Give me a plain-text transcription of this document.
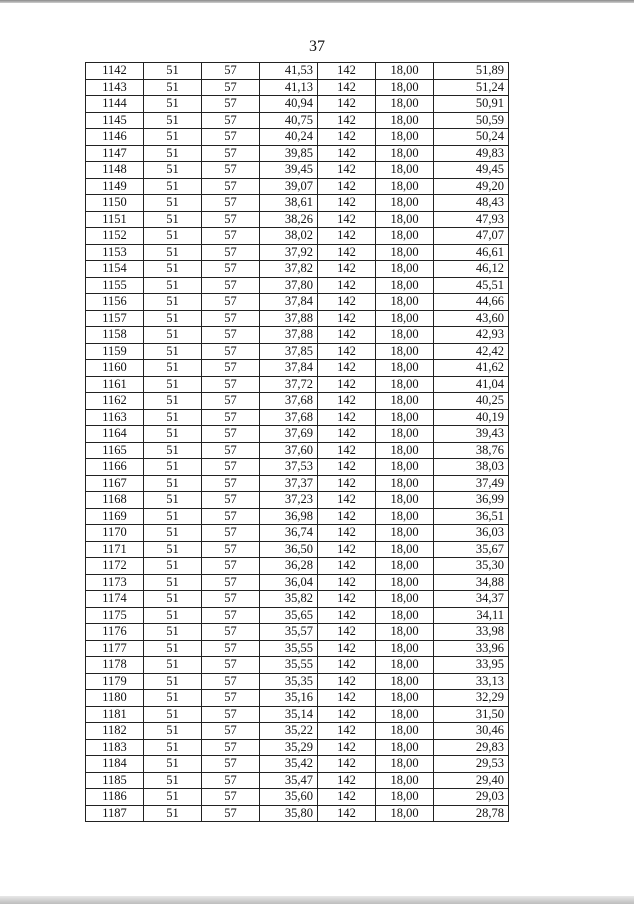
37
1142	51	57	41,53	142	18,00	51,89
1143	51	57	41,13	142	18,00	51,24
1144	51	57	40,94	142	18,00	50,91
1145	51	57	40,75	142	18,00	50,59
1146	51	57	40,24	142	18,00	50,24
1147	51	57	39,85	142	18,00	49,83
1148	51	57	39,45	142	18,00	49,45
1149	51	57	39,07	142	18,00	49,20
1150	51	57	38,61	142	18,00	48,43
1151	51	57	38,26	142	18,00	47,93
1152	51	57	38,02	142	18,00	47,07
1153	51	57	37,92	142	18,00	46,61
1154	51	57	37,82	142	18,00	46,12
1155	51	57	37,80	142	18,00	45,51
1156	51	57	37,84	142	18,00	44,66
1157	51	57	37,88	142	18,00	43,60
1158	51	57	37,88	142	18,00	42,93
1159	51	57	37,85	142	18,00	42,42
1160	51	57	37,84	142	18,00	41,62
1161	51	57	37,72	142	18,00	41,04
1162	51	57	37,68	142	18,00	40,25
1163	51	57	37,68	142	18,00	40,19
1164	51	57	37,69	142	18,00	39,43
1165	51	57	37,60	142	18,00	38,76
1166	51	57	37,53	142	18,00	38,03
1167	51	57	37,37	142	18,00	37,49
1168	51	57	37,23	142	18,00	36,99
1169	51	57	36,98	142	18,00	36,51
1170	51	57	36,74	142	18,00	36,03
1171	51	57	36,50	142	18,00	35,67
1172	51	57	36,28	142	18,00	35,30
1173	51	57	36,04	142	18,00	34,88
1174	51	57	35,82	142	18,00	34,37
1175	51	57	35,65	142	18,00	34,11
1176	51	57	35,57	142	18,00	33,98
1177	51	57	35,55	142	18,00	33,96
1178	51	57	35,55	142	18,00	33,95
1179	51	57	35,35	142	18,00	33,13
1180	51	57	35,16	142	18,00	32,29
1181	51	57	35,14	142	18,00	31,50
1182	51	57	35,22	142	18,00	30,46
1183	51	57	35,29	142	18,00	29,83
1184	51	57	35,42	142	18,00	29,53
1185	51	57	35,47	142	18,00	29,40
1186	51	57	35,60	142	18,00	29,03
1187	51	57	35,80	142	18,00	28,78
